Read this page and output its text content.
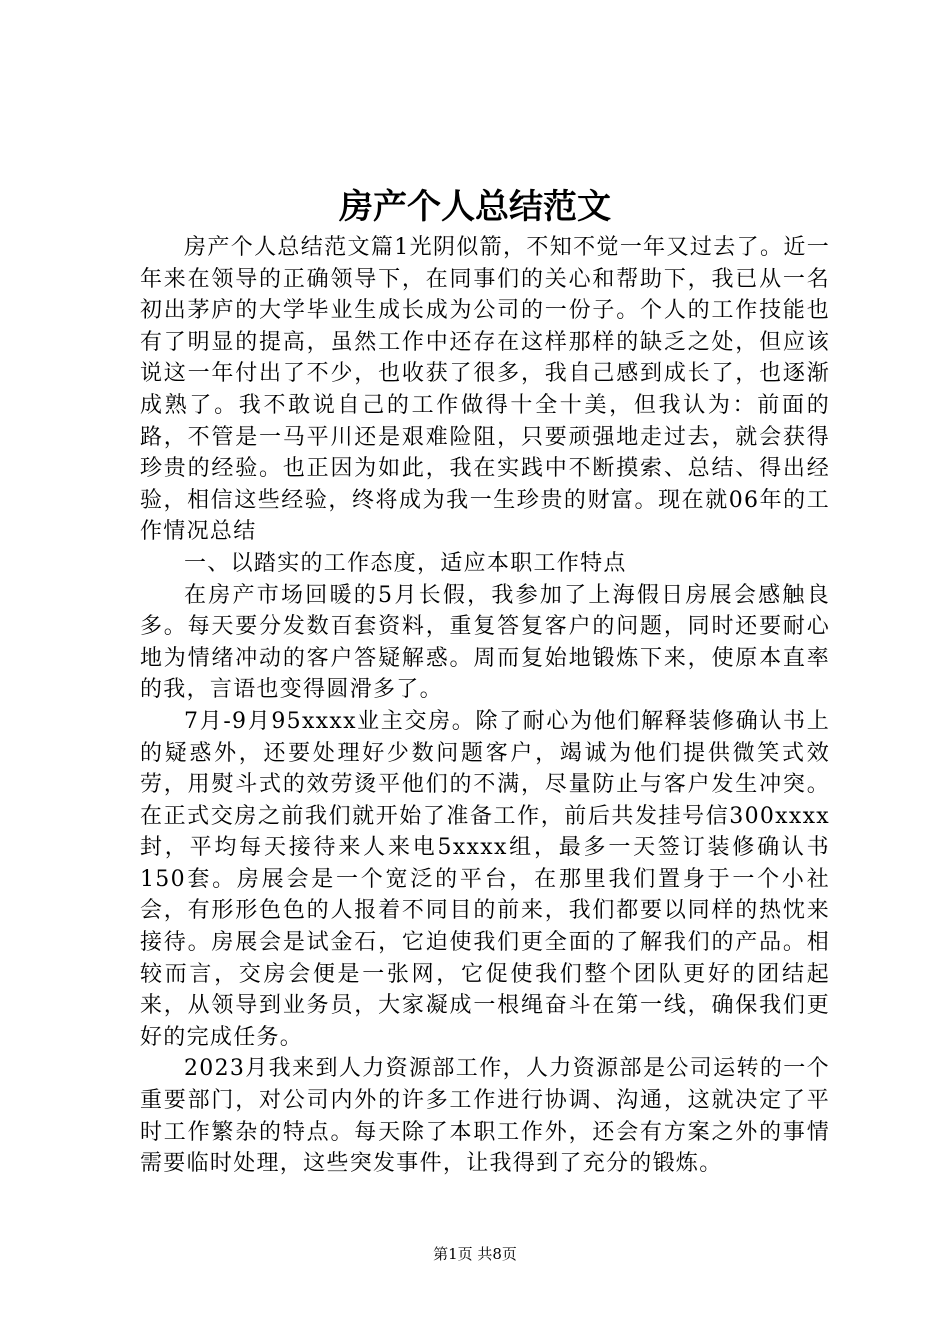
房产个人总结范文

房产个人总结范文篇1光阴似箭，不知不觉一年又过去了。近一年来在领导的正确领导下，在同事们的关心和帮助下，我已从一名初出茅庐的大学毕业生成长成为公司的一份子。个人的工作技能也有了明显的提高，虽然工作中还存在这样那样的缺乏之处，但应该说这一年付出了不少，也收获了很多，我自己感到成长了，也逐渐成熟了。我不敢说自己的工作做得十全十美，但我认为：前面的路，不管是一马平川还是艰难险阻，只要顽强地走过去，就会获得珍贵的经验。也正因为如此，我在实践中不断摸索、总结、得出经验，相信这些经验，终将成为我一生珍贵的财富。现在就06年的工作情况总结

一、以踏实的工作态度，适应本职工作特点

在房产市场回暖的5月长假，我参加了上海假日房展会感触良多。每天要分发数百套资料，重复答复客户的问题，同时还要耐心地为情绪冲动的客户答疑解惑。周而复始地锻炼下来，使原本直率的我，言语也变得圆滑多了。

7月-9月95xxxx业主交房。除了耐心为他们解释装修确认书上的疑惑外，还要处理好少数问题客户，竭诚为他们提供微笑式效劳，用熨斗式的效劳烫平他们的不满，尽量防止与客户发生冲突。在正式交房之前我们就开始了准备工作，前后共发挂号信300xxxx封，平均每天接待来人来电5xxxx组，最多一天签订装修确认书150套。房展会是一个宽泛的平台，在那里我们置身于一个小社会，有形形色色的人报着不同目的前来，我们都要以同样的热忱来接待。房展会是试金石，它迫使我们更全面的了解我们的产品。相较而言，交房会便是一张网，它促使我们整个团队更好的团结起来，从领导到业务员，大家凝成一根绳奋斗在第一线，确保我们更好的完成任务。

2023月我来到人力资源部工作，人力资源部是公司运转的一个重要部门，对公司内外的许多工作进行协调、沟通，这就决定了平时工作繁杂的特点。每天除了本职工作外，还会有方案之外的事情需要临时处理，这些突发事件，让我得到了充分的锻炼。

第1页 共8页
